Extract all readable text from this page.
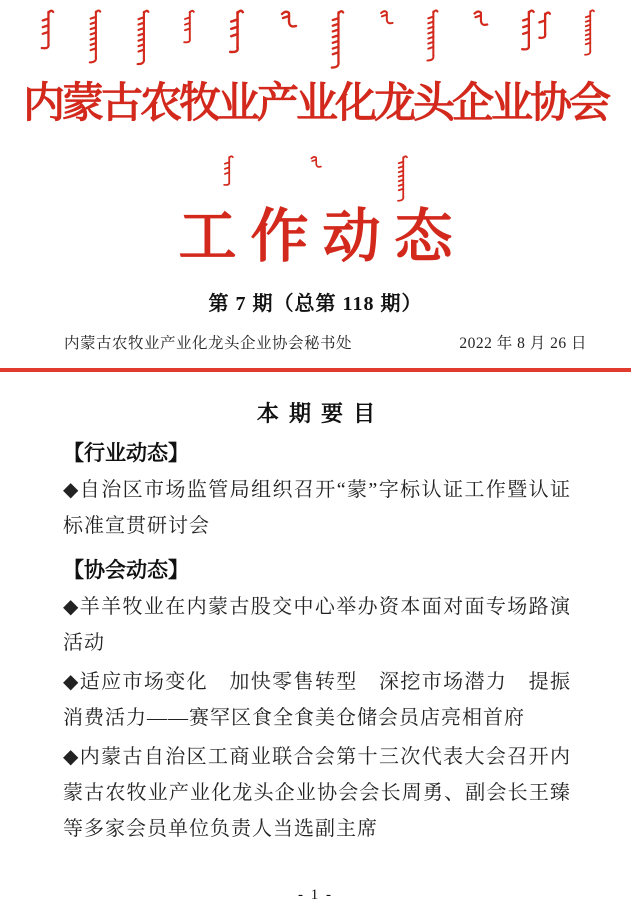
内蒙古农牧业产业化龙头企业协会
工作动态
第 7 期（总第 118 期）
内蒙古农牧业产业化龙头企业协会秘书处	2022 年 8 月 26 日
本 期 要 目
【行业动态】

◆自治区市场监管局组织召开“蒙”字标认证工作暨认证标准宣贯研讨会

【协会动态】

◆羊羊牧业在内蒙古股交中心举办资本面对面专场路演活动

◆适应市场变化　加快零售转型　深挖市场潜力　提振消费活力——赛罕区食全食美仓储会员店亮相首府

◆内蒙古自治区工商业联合会第十三次代表大会召开内蒙古农牧业产业化龙头企业协会会长周勇、副会长王臻等多家会员单位负责人当选副主席

- 1 -
